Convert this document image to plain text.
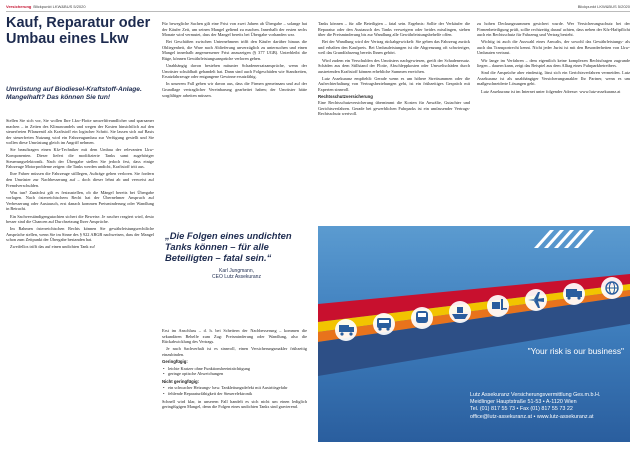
Versicherung Blickpunkt LKW&BUS 5/2020	Blickpunkt LKW&BUS 5/2020
Kauf, Reparatur oder Umbau eines Lkw
Umrüstung auf Biodiesel-Kraftstoff-Anlage. Mangelhaft? Das können Sie tun!

Stellen Sie sich vor, Sie wollen Ihre Lkw-Flotte umweltfreundlicher und sparsamer machen – in Zeiten des Klimawandels und wegen der Kosten hinsichtlich auf den steuerfreien Pflanzenöl als Kraftstoff ein logischer Schritt. Sie lassen sich auf Basis der steuerfreien Nutzung wird ein Fahrzeugumbau zur Verfügung gestellt und Sie wollen diese Umrüstung gleich im Angriff nehmen.

Sie beauftragen einen Kfz-Techniker mit dem Umbau der relevanten Lkw-Komponenten. Dieser liefert die modifizierte Tanks samt zugehöriger Steuerungselektronik. Nach der Übergabe stellen Sie jedoch fest, dass einige Fahrzeuge Motorprobleme zeigen: die Tanks werden undicht, Kraftstoff tritt aus.

Ihre Fahrer müssen die Fahrzeuge stilllegen, Aufträge gehen verloren. Sie fordern den Umrüster zur Nachbesserung auf – doch dieser lehnt ab und verweist auf Fremdverschulden.

Was tun? Zunächst gilt es festzustellen, ob die Mängel bereits bei Übergabe vorlagen. Nach österreichischem Recht hat der Übernehmer Anspruch auf Verbesserung oder Austausch, erst danach kommen Preisminderung oder Wandlung in Betracht.

Ein Sachverständigengutachten sichert die Beweise. Je rascher reagiert wird, desto besser sind die Chancen auf Durchsetzung Ihrer Ansprüche.

Im Rahmen österreichischen Rechts können Sie gewährleistungsrechtliche Ansprüche stellen, wenn Sie im Sinne des § 922 ABGB nachweisen, dass der Mangel schon zum Zeitpunkt der Übergabe bestanden hat.

Zweifellos trifft das auf einen undichten Tank zu!

Für bewegliche Sachen gilt eine Frist von zwei Jahren ab Übergabe – solange hat der Käufer Zeit, um seinen Mangel geltend zu machen. Innerhalb der ersten sechs Monate wird vermutet, dass der Mangel bereits bei Übergabe vorhanden war.

Bei Geschäften zwischen Unternehmern trifft den Käufer darüber hinaus die Obliegenheit, die Ware nach Ablieferung unverzüglich zu untersuchen und einen Mangel innerhalb angemessener Frist anzuzeigen (§ 377 UGB). Unterbleibt die Rüge, können Gewährleistungsansprüche verloren gehen.

Unabhängig davon bestehen mitunter Schadenersatzansprüche, wenn der Umrüster schuldhaft gehandelt hat. Dann sind auch Folgeschäden wie Standzeiten, Ersatzfahrzeuge oder entgangene Gewinne ersatzfähig.

In unserem Fall gehen wir davon aus, dass die Firmen gemeinsam und auf der Grundlage vertraglicher Vereinbarung gearbeitet haben; der Umrüster hätte sorgfältiger arbeiten müssen.

„Die Folgen eines undichten Tanks können – für alle Beteiligten – fatal sein.“
Karl Jungmann,
CEO Lutz Assekuranz

Erst im Anschluss – d. h. bei Scheitern der Nachbesserung – kommen die sekundären Behelfe zum Zug: Preisminderung oder Wandlung, also die Rückabwicklung des Vertrags.

Je nach Sachverhalt ist es sinnvoll, einen Versicherungsmakler frühzeitig einzubinden.

Geringfügig:
• leichte Kratzer ohne Funktionsbeeinträchtigung
• geringe optische Abweichungen
Nicht geringfügig:
• ein schwacher Heizungs- bzw. Tankleitungsdefekt mit Austrittsgefahr
• fehlende Reparaturfähigkeit der Steuerelektronik

Schnell wird klar, in unserem Fall handelt es sich nicht um einen lediglich geringfügigen Mangel, denn die Folgen eines undichten Tanks sind gravierend.

Tanks können – für alle Beteiligten – fatal sein. Ergebnis: Sollte der Verkäufer die Reparatur oder den Austausch des Tanks verweigern oder beides misslingen, stehen über die Preisminderung bis zur Wandlung alle Gewährleistungsbehelfe offen.

Bei der Wandlung wird der Vertrag rückabgewickelt: Sie geben das Fahrzeug zurück und erhalten den Kaufpreis. Bei Umbauleistungen ist die Abgrenzung oft schwieriger, weil das Grundfahrzeug bereits Ihnen gehört.

Wird zudem ein Verschulden des Umrüsters nachgewiesen, greift der Schadenersatz. Schäden aus dem Stillstand der Flotte, Abschleppkosten oder Umweltschäden durch austretenden Kraftstoff können erhebliche Summen erreichen.

Lutz Assekuranz empfiehlt: Gerade wenn es um höhere Streitsummen oder die Aufrechterhaltung von Vertragsbeziehungen geht, ist ein frühzeitiges Gespräch mit Experten sinnvoll.

Rechtsschutzversicherung

Eine Rechtsschutzversicherung übernimmt die Kosten für Anwälte, Gutachter und Gerichtsverfahren. Gerade bei gewerblichen Fuhrparks ist ein umfassender Vertrags-Rechtsschutz wertvoll.

zu hohen Deckungssummen gesichert wurde. Wer Versicherungsschutz bei der Firmenbeteiligung prüft, sollte rechtzeitig darauf achten, dass neben der Kfz-Haftpflicht auch ein Rechtsschutz für Fahrzeug und Vertrag besteht.

Wichtig ist auch die Auswahl eines Anwalts, der sowohl das Gewährleistungs- als auch das Transportrecht kennt. Nicht jeder Jurist ist mit den Besonderheiten von Lkw-Umbauten vertraut.

Wir lange im Verfahren – dem eigentlich keine komplexen Rechtsfragen zugrunde liegen – dauern kann, zeigt das Beispiel aus dem Alltag eines Fuhrparkbetreibers.

Sind die Ansprüche aber eindeutig, lässt sich ein Gerichtsverfahren vermeiden. Lutz Assekuranz ist als unabhängiger Versicherungsmakler Ihr Partner, wenn es um maßgeschneiderte Lösungen geht.

Lutz Assekuranz ist im Internet unter folgender Adresse: www.lutz-assekuranz.at

"Your risk is our business"
Lutz Assekuranz Versicherungsvermittlung Ges.m.b.H.
Meidlinger Hauptstraße 51-53 • A-1120 Wien
Tel. (01) 817 55 73 • Fax (01) 817 55 73 22
office@lutz-assekuranz.at • www.lutz-assekuranz.at
